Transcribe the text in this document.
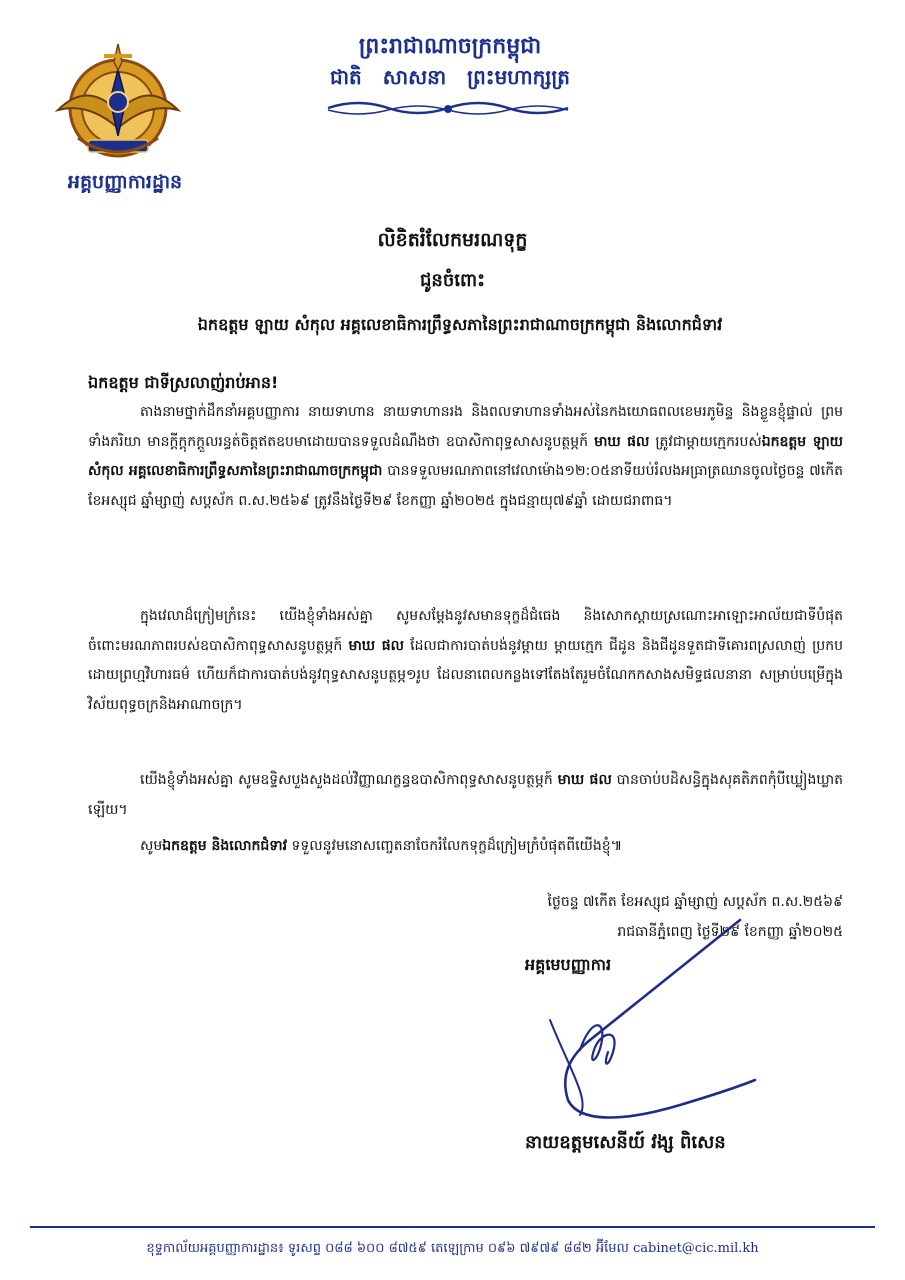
អគ្គបញ្ញាការដ្ឋាន
ព្រះរាជាណាចក្រកម្ពុជា
ជាតិ សាសនា ព្រះមហាក្សត្រ
លិខិតរំលែកមរណទុក្ខ
ជូនចំពោះ
ឯកឧត្តម ឡាយ សំកុល អគ្គលេខាធិការព្រឹទ្ធសភានៃព្រះរាជាណាចក្រកម្ពុជា និងលោកជំទាវ
ឯកឧត្តម ជាទីស្រលាញ់រាប់អាន!
តាងនាមថ្នាក់ដឹកនាំអគ្គបញ្ញាការ នាយទាហាន នាយទាហានរង និងពលទាហានទាំងអស់នៃកងយោធពលខេមរភូមិន្ទ និងខ្លួនខ្ញុំផ្ទាល់ ព្រមទាំងភរិយា មានក្តីក្តុកក្តួលរន្ធត់ចិត្តឥតឧបមាដោយបានទទួលដំណឹងថា ឧបាសិកាពុទ្ធសាសនូបត្ថម្ភក៍ មាឃ ផល ត្រូវជាម្តាយក្មេករបស់ឯកឧត្តម ឡាយ សំកុល អគ្គលេខាធិការព្រឹទ្ធសភានៃព្រះរាជាណាចក្រកម្ពុជា បានទទួលមរណភាពនៅវេលាម៉ោង១២:០៥នាទីយប់រំលងអធ្រាត្រឈានចូលថ្ងៃចន្ទ ៧កើត ខែអស្សុជ ឆ្នាំម្សាញ់ សប្តស័ក ព.ស.២៥៦៩ ត្រូវនឹងថ្ងៃទី២៩ ខែកញ្ញា ឆ្នាំ២០២៥ ក្នុងជន្មាយុ៧៩ឆ្នាំ ដោយជរាពាធ។
ក្នុងវេលាដ៏ក្រៀមក្រំនេះ យើងខ្ញុំទាំងអស់គ្នា សូមសម្តែងនូវសមានទុក្ខដ៏ជំធេង និងសោកស្តាយស្រណោះអាឡោះអាល័យជាទីបំផុត ចំពោះមរណភាពរបស់ឧបាសិកាពុទ្ធសាសនូបត្ថម្ភក៍ មាឃ ផល ដែលជាការបាត់បង់នូវម្តាយ ម្តាយក្មេក ជីដូន និងជីដូនទួតជាទីគោរពស្រលាញ់ ប្រកបដោយព្រហ្មវិហារធម៌ ហើយក៏ជាការបាត់បង់នូវពុទ្ធសាសនូបត្ថម្ភ១រូប ដែលនាពេលកន្លងទៅតែងតែរួមចំណែកកសាងសមិទ្ធផលនានា សម្រាប់បម្រើក្នុងវិស័យពុទ្ធចក្រនិងអាណាចក្រ។
យើងខ្ញុំទាំងអស់គ្នា សូមឧទ្ទិសបួងសួងដល់វិញ្ញាណក្ខន្ធឧបាសិកាពុទ្ធសាសនូបត្ថម្ភក៍ មាឃ ផល បានចាប់បដិសន្ធិក្នុងសុគតិភពកុំបីឃ្លៀងឃ្លាតឡើយ។
សូមឯកឧត្តម និងលោកជំទាវ ទទួលនូវមនោសញ្ចេតនាចែករំលែកទុក្ខដ៏ក្រៀមក្រំបំផុតពីយើងខ្ញុំ៕
ថ្ងៃចន្ទ ៧កើត ខែអស្សុជ ឆ្នាំម្សាញ់ សប្តស័ក ព.ស.២៥៦៩
រាជធានីភ្នំពេញ ថ្ងៃទី២៩ ខែកញ្ញា ឆ្នាំ២០២៥
អគ្គមេបញ្ញាការ
នាយឧត្តមសេនីយ៍ វង្ស ពិសេន
ខុទ្ទកាល័យអគ្គបញ្ញាការដ្ឋាន៖ ទូរសព្ទ ០៨៨ ៦០០ ៨៧៥៩ តេឡេក្រាម ០៩៦ ៧៩៧៩ ៨៨២ អ៊ីមែល cabinet@cic.mil.kh
